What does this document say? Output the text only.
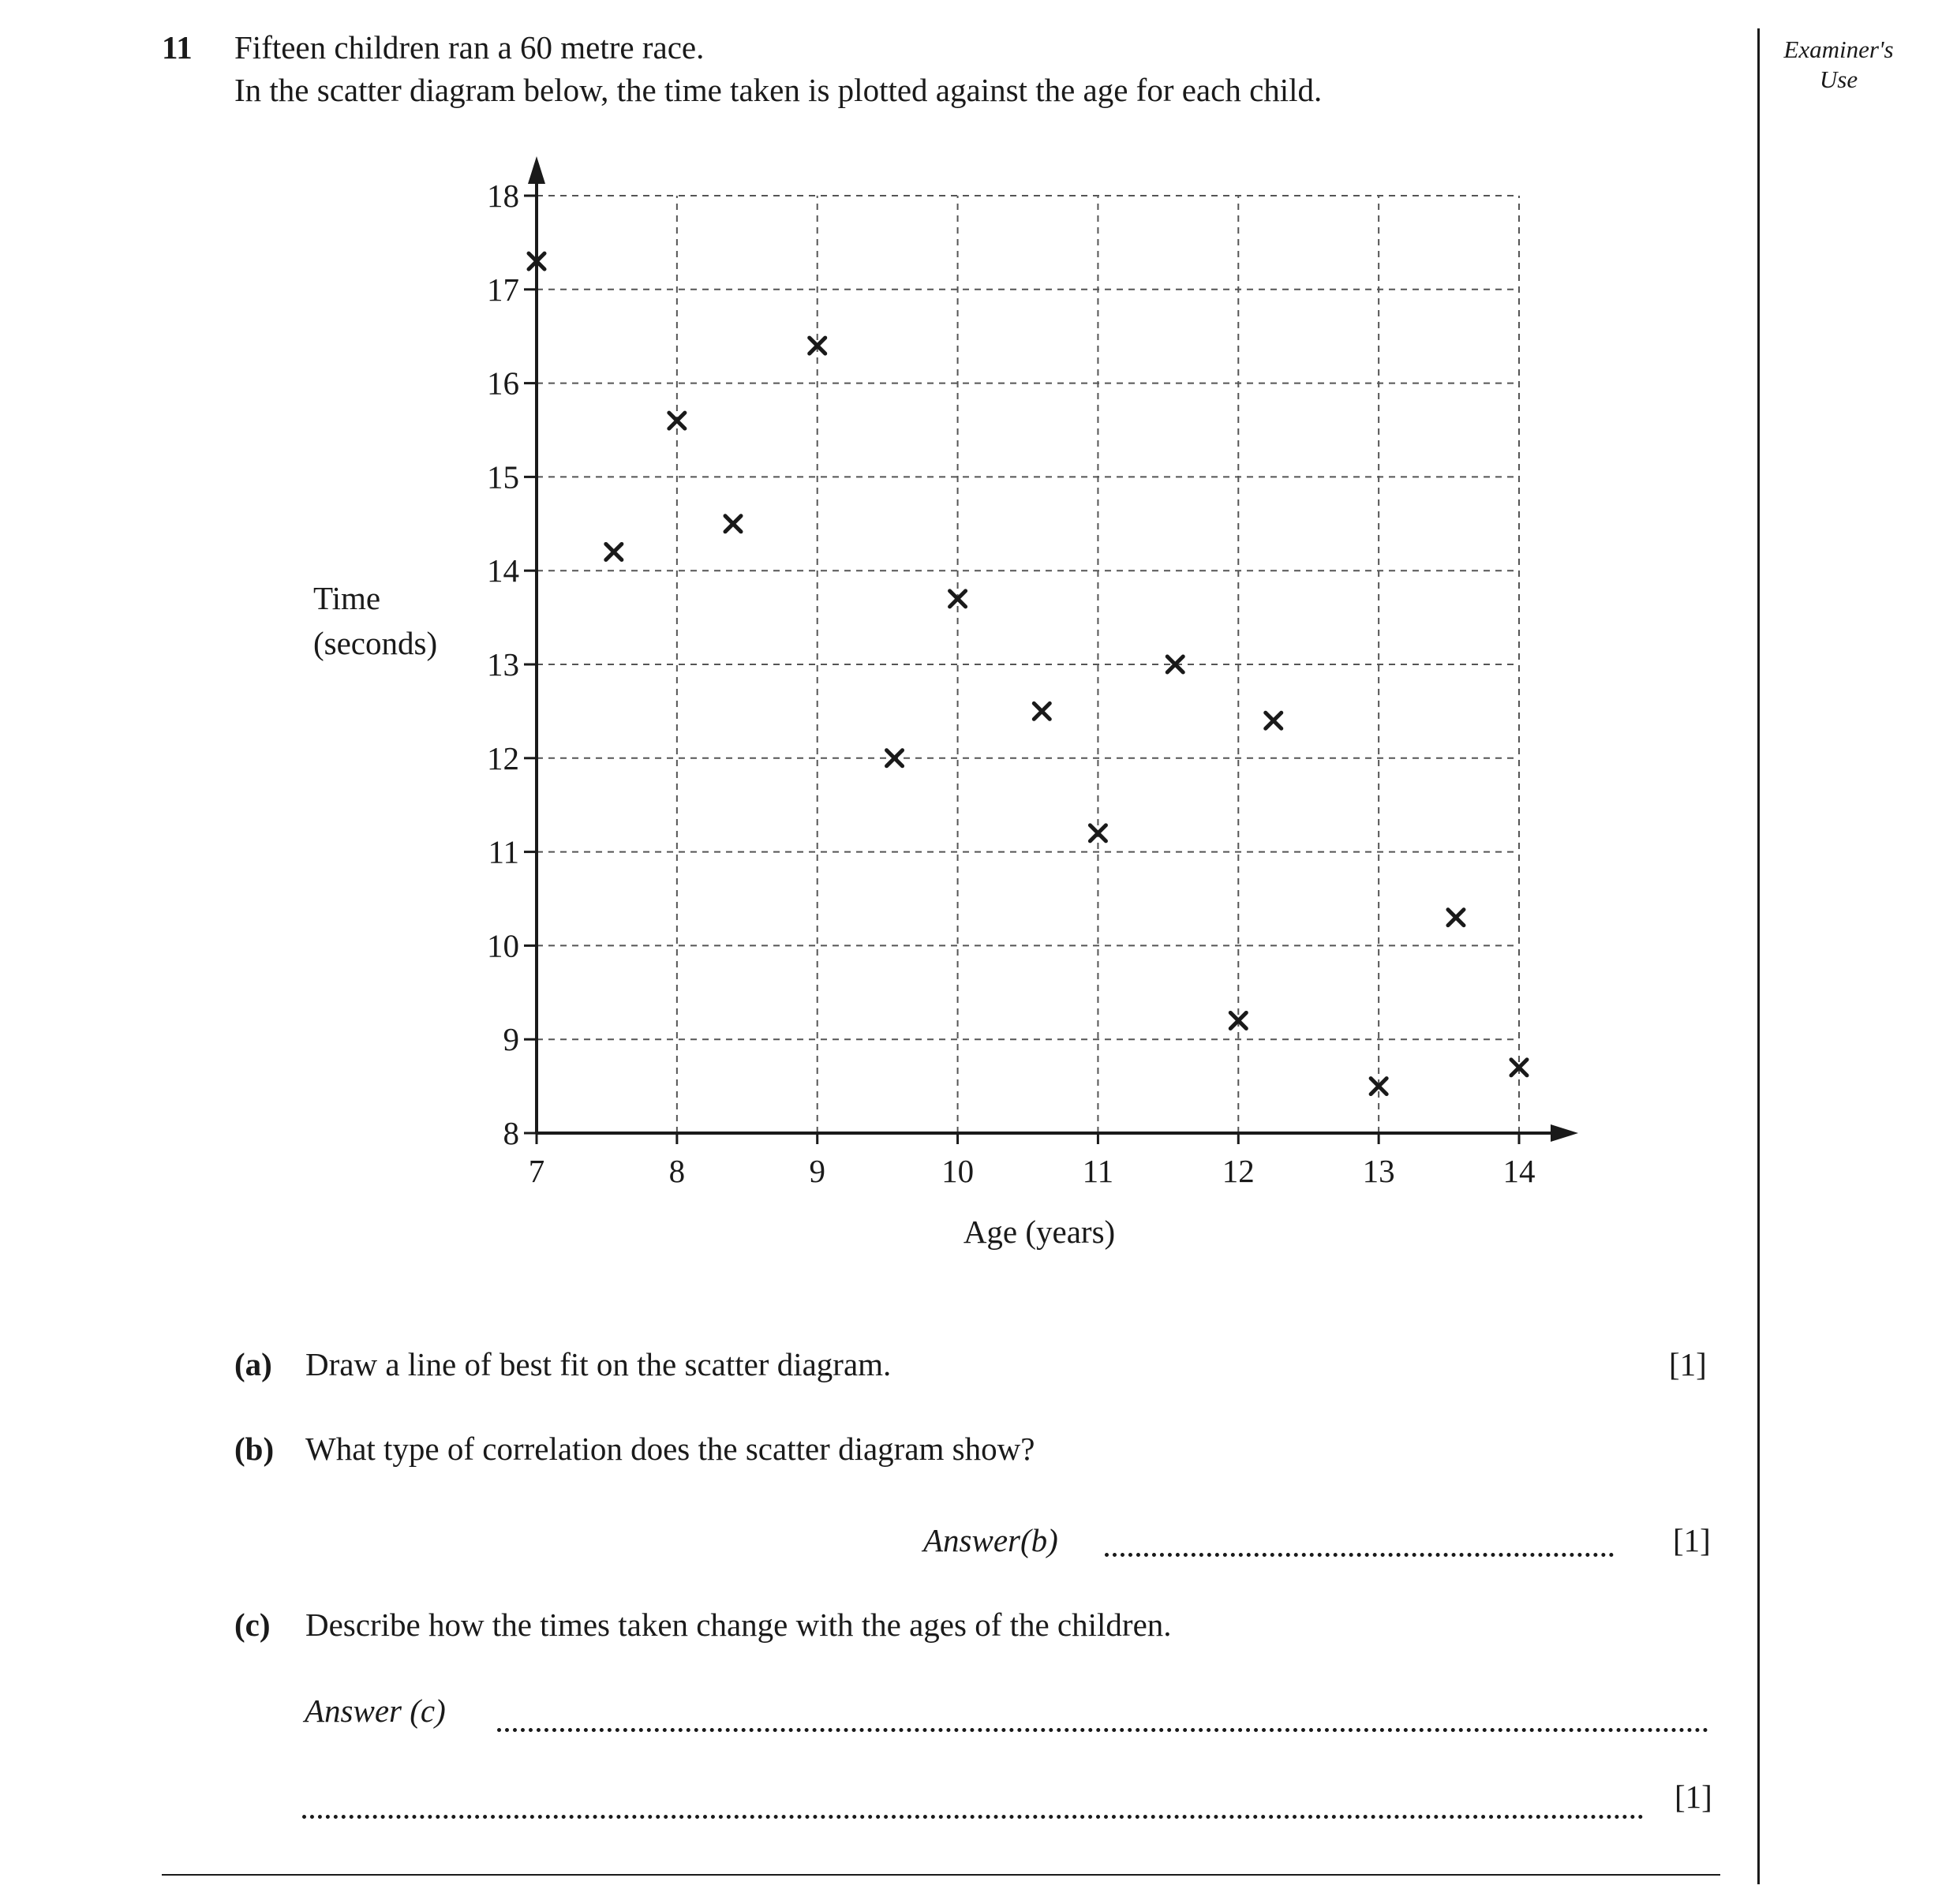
11 Fifteen children ran a 60 metre race.
In the scatter diagram below, the time taken is plotted against the age for each child.
Examiner's
Use
7	8	9	10	11	12	13	14
8
9
10
11
12
13
14
15
16
17
18
Age (years)
Time
(seconds)
(a) Draw a line of best fit on the scatter diagram.	[1]
(b) What type of correlation does the scatter diagram show?
Answer(b)	[1]
(c) Describe how the times taken change with the ages of the children.
Answer (c)
[1]
